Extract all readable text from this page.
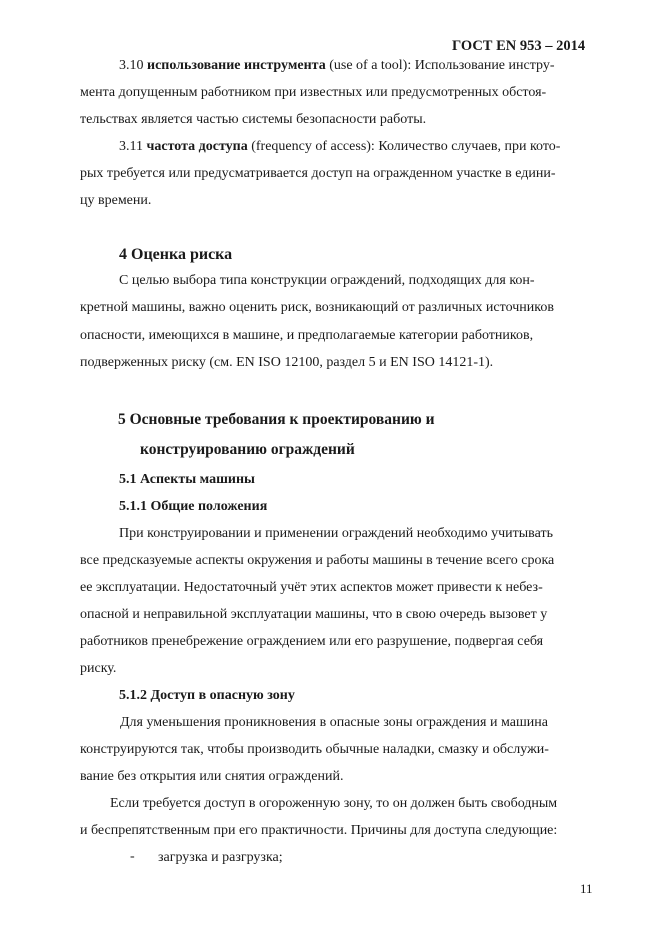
ГОСТ EN 953 – 2014
3.10 использование инструмента (use of a tool): Использование инстру-
мента допущенным работником при известных или предусмотренных обстоя-
тельствах является частью системы безопасности работы.
3.11 частота доступа (frequency of access): Количество случаев, при кото-
рых требуется или предусматривается доступ на огражденном участке в едини-
цу времени.
4 Оценка риска
С целью выбора типа конструкции ограждений, подходящих для кон-
кретной машины, важно оценить риск, возникающий от различных источников
опасности, имеющихся в машине, и предполагаемые категории работников,
подверженных риску (см. EN ISO 12100, раздел 5 и EN ISO 14121-1).
5 Основные требования к проектированию и
конструированию ограждений
5.1 Аспекты машины
5.1.1 Общие положения
При конструировании и применении ограждений необходимо учитывать
все предсказуемые аспекты окружения и работы машины в течение всего срока
ее эксплуатации. Недостаточный учёт этих аспектов может привести к небез-
опасной и неправильной эксплуатации машины, что в свою очередь вызовет у
работников пренебрежение ограждением или его разрушение, подвергая себя
риску.
5.1.2 Доступ в опасную зону
Для уменьшения проникновения в опасные зоны ограждения и машина
конструируются так, чтобы производить обычные наладки, смазку и обслужи-
вание без открытия или снятия ограждений.
Если требуется доступ в огороженную зону, то он должен быть свободным
и беспрепятственным при его практичности. Причины для доступа следующие:
- загрузка и разгрузка;
11
